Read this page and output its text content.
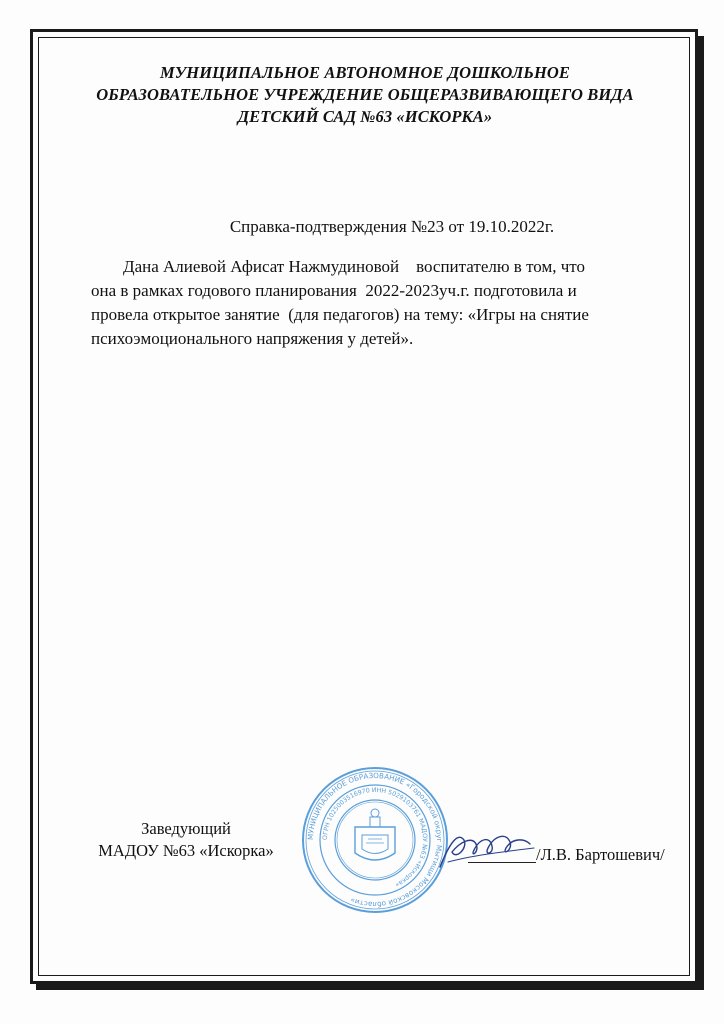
МУНИЦИПАЛЬНОЕ АВТОНОМНОЕ ДОШКОЛЬНОЕ
ОБРАЗОВАТЕЛЬНОЕ УЧРЕЖДЕНИЕ ОБЩЕРАЗВИВАЮЩЕГО ВИДА
ДЕТСКИЙ САД №63 «ИСКОРКА»
Справка-подтверждения №23 от 19.10.2022г.
Дана Алиевой Афисат Нажмудиновой    воспитателю в том, что
она в рамках годового планирования  2022-2023уч.г. подготовила и
провела открытое занятие  (для педагогов) на тему: «Игры на снятие
психоэмоционального напряжения у детей».
Заведующий
МАДОУ №63 «Искорка»
МУНИЦИПАЛЬНОЕ ОБРАЗОВАНИЕ «Городской округ Мытищи Московской области»
ОГРН 1025003516970 ИНН 5029103761 МАДОУ №63 «Искорка»
/Л.В. Бартошевич/
